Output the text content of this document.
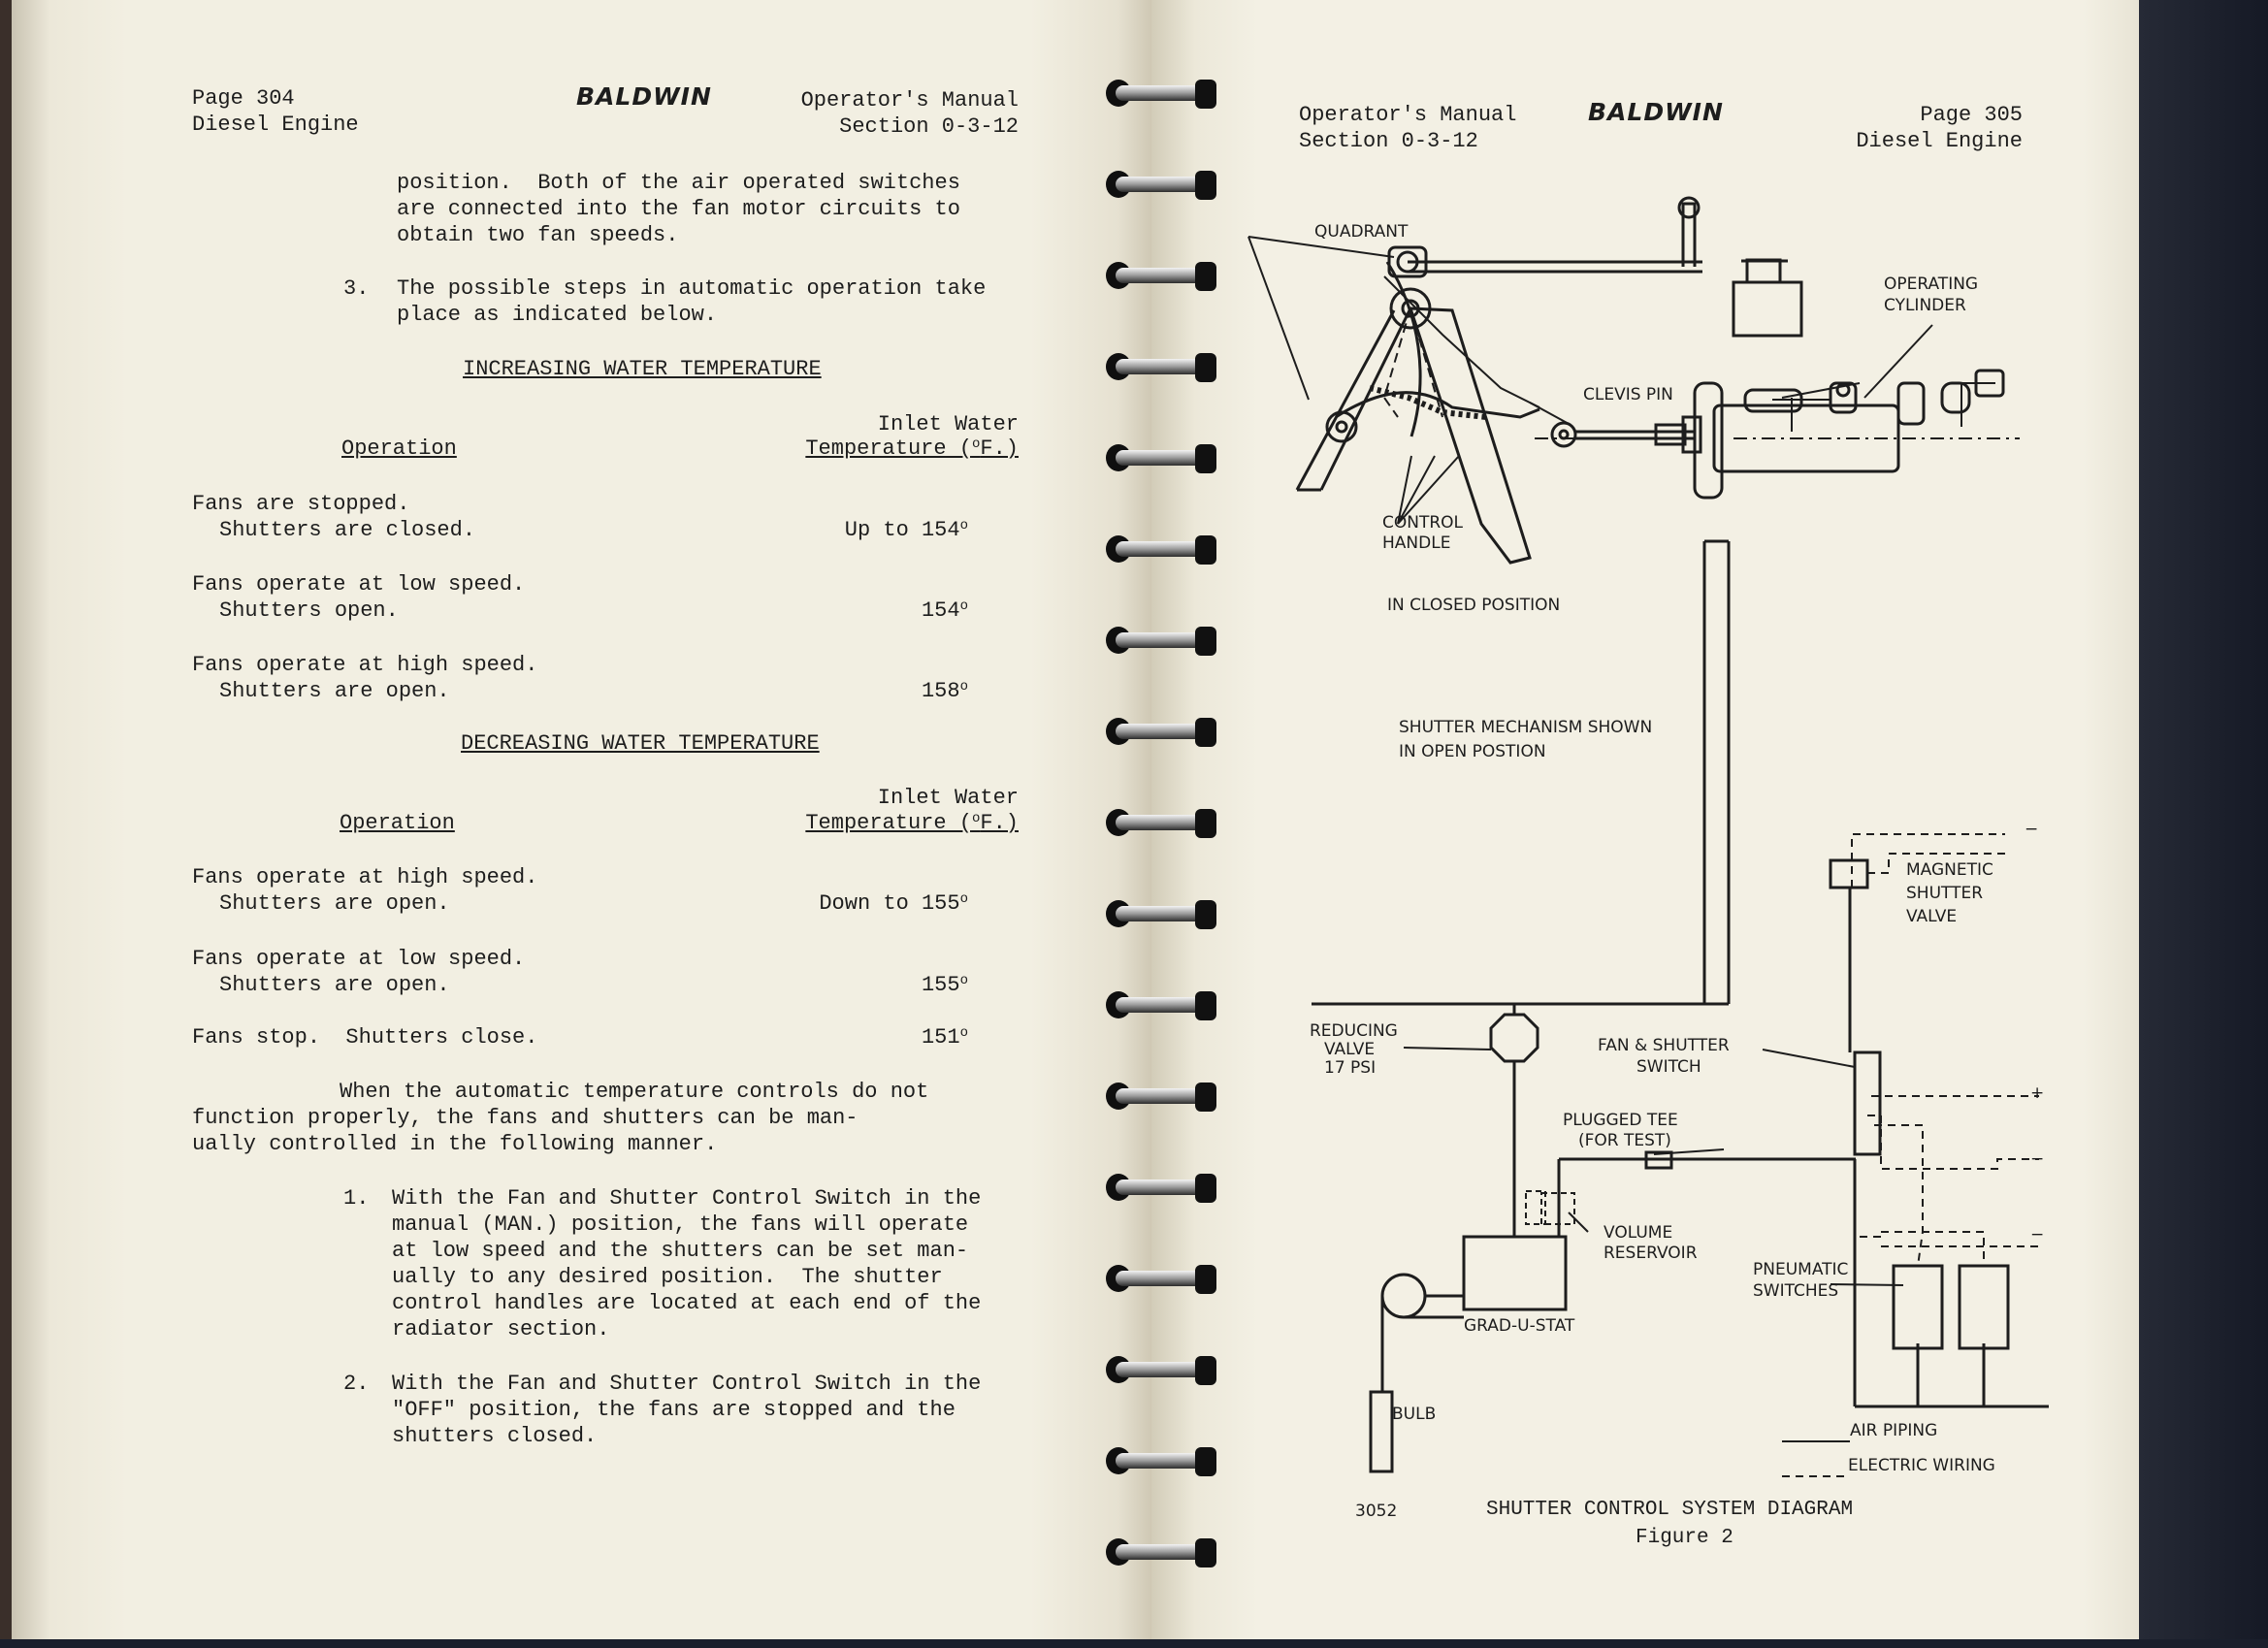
Page 304
Diesel Engine
BALDWIN	Operator's Manual
Section 0-3-12
position.  Both of the air operated switches
are connected into the fan motor circuits to
obtain two fan speeds.
3. The possible steps in automatic operation take
place as indicated below.
INCREASING WATER TEMPERATURE
Inlet Water
Operation	Temperature ($^o$F.)
Fans are stopped.
Shutters are closed.	Up to 154$^o$
Fans operate at low speed.
Shutters open.	154$^o$
Fans operate at high speed.
Shutters are open.	158$^o$
DECREASING WATER TEMPERATURE
Inlet Water
Operation	Temperature ($^o$F.)
Fans operate at high speed.
Shutters are open.	Down to 155$^o$
Fans operate at low speed.
Shutters are open.	155$^o$
Fans stop.  Shutters close.	151$^o$
When the automatic temperature controls do not
function properly, the fans and shutters can be man-
ually controlled in the following manner.
1. With the Fan and Shutter Control Switch in the
manual (MAN.) position, the fans will operate
at low speed and the shutters can be set man-
ually to any desired position.  The shutter
control handles are located at each end of the
radiator section.
2. With the Fan and Shutter Control Switch in the
"OFF" position, the fans are stopped and the
shutters closed.
Operator's Manual
Section 0-3-12
BALDWIN	Page 305
Diesel Engine
QUADRANT
OPERATING
CYLINDER
CLEVIS PIN
CONTROL
HANDLE
IN CLOSED POSITION
SHUTTER MECHANISM SHOWN
IN OPEN POSTION
MAGNETIC
SHUTTER
VALVE
REDUCING
VALVE
17 PSI
FAN & SHUTTER
SWITCH
PLUGGED TEE
(FOR TEST)
VOLUME
RESERVOIR
PNEUMATIC
SWITCHES
GRAD-U-STAT
BULB
AIR PIPING
ELECTRIC WIRING
−
+
−
−
3052	SHUTTER CONTROL SYSTEM DIAGRAM
Figure 2
